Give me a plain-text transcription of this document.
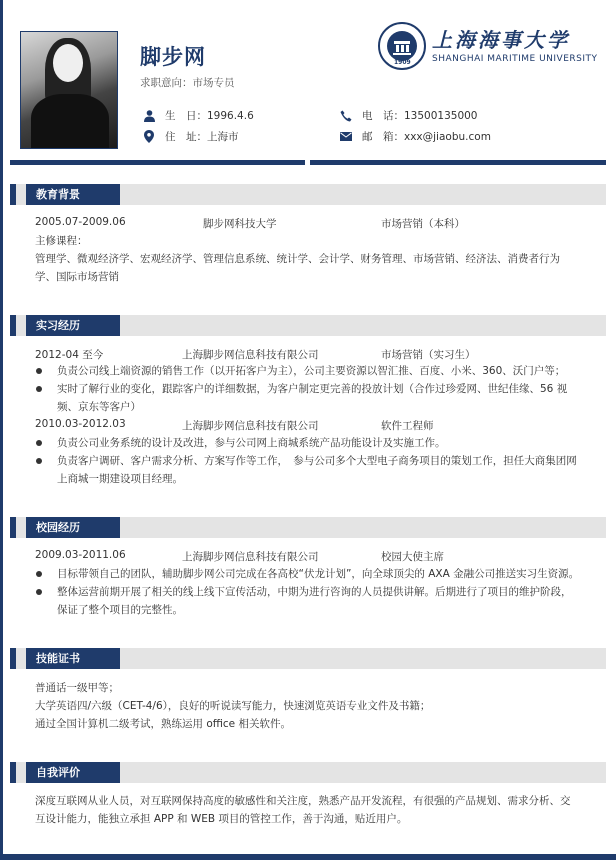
脚步网
求职意向：市场专员
生　日： 1996.4.6
住　址： 上海市
电　话： 13500135000
邮　箱： xxx@jiaobu.com
1909
上海海事大学
SHANGHAI MARITIME UNIVERSITY
教育背景
2005.07-2009.06	脚步网科技大学	市场营销（本科）
主修课程：
管理学、微观经济学、宏观经济学、管理信息系统、统计学、会计学、财务管理、市场营销、经济法、消费者行为学、国际市场营销
实习经历
2012-04 至今	上海脚步网信息科技有限公司	市场营销（实习生）
负责公司线上端资源的销售工作（以开拓客户为主），公司主要资源以智汇推、百度、小米、360、沃门户等；
实时了解行业的变化，跟踪客户的详细数据，为客户制定更完善的投放计划（合作过珍爱网、世纪佳缘、56 视频、京东等客户）
2010.03-2012.03	上海脚步网信息科技有限公司	软件工程师
负责公司业务系统的设计及改进，参与公司网上商城系统产品功能设计及实施工作。
负责客户调研、客户需求分析、方案写作等工作，　参与公司多个大型电子商务项目的策划工作，担任大商集团网上商城一期建设项目经理。
校园经历
2009.03-2011.06	上海脚步网信息科技有限公司	校园大使主席
目标带领自己的团队，辅助脚步网公司完成在各高校“伏龙计划”，向全球顶尖的 AXA 金融公司推送实习生资源。
整体运营前期开展了相关的线上线下宣传活动，中期为进行咨询的人员提供讲解。后期进行了项目的维护阶段，保证了整个项目的完整性。
技能证书
普通话一级甲等；
大学英语四/六级（CET-4/6），良好的听说读写能力，快速浏览英语专业文件及书籍；
通过全国计算机二级考试，熟练运用 office 相关软件。
自我评价
深度互联网从业人员，对互联网保持高度的敏感性和关注度，熟悉产品开发流程，有很强的产品规划、需求分析、交互设计能力，能独立承担 APP 和 WEB 项目的管控工作，善于沟通，贴近用户。
